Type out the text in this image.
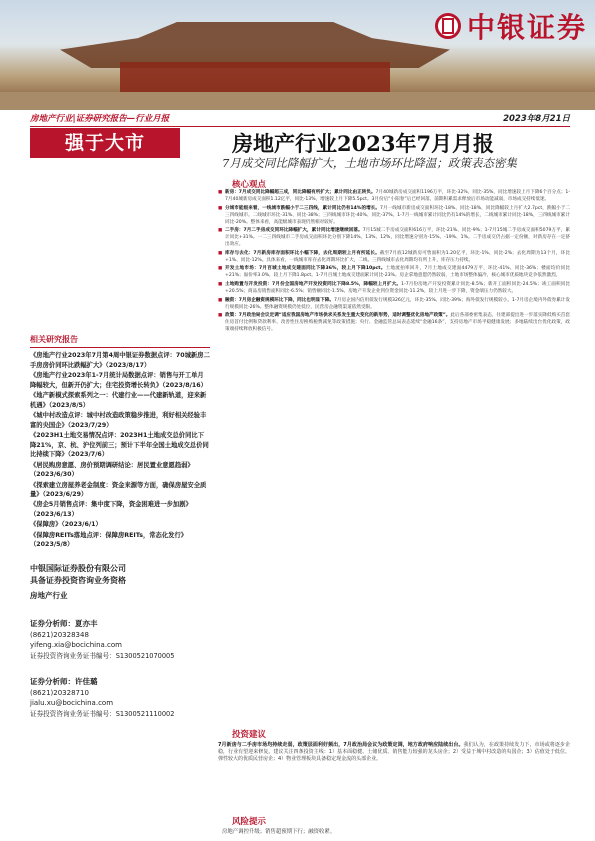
中银证券
房地产行业|证券研究报告—行业月报	2023年8月21日
强于大市	房地产行业2023年7月月报
7月成交同比降幅扩大，土地市场环比降温；政策表态密集
核心观点

■ 新房：7月成交同比降幅超三成，同比降幅有所扩大；累计同比由正转负。7月40城新房成交面积1196万平，环比-32%，同比-35%，同比增速较上月下降6个百分点；1-7月40城新房成交面积1.12亿平，同比-13%，增速较上月下降5.5pct。3月份后“小阳春”后已经回落，前期积累需求释放后市场动能减弱，市场成交持续低迷。

■ 分城市能级来看，一线城市跌幅小于二三四线，累计同比仍有14%的增长。7月一线城市新房成交面积环比-18%、同比-18%，同比降幅较上月扩大2.7pct，跌幅小于二三四线城市。二线城市环比-31%、同比-38%；三四线城市环比-40%、同比-37%。1-7月一线城市累计同比仍有14%的增长，二线城市累计同比-18%，三四线城市累计同比-20%。整体来看，高能级城市表现仍然相对较好。

■ 二手房：7月二手房成交同环比降幅扩大，累计同比增速继续回落。7月15城二手房成交面积616万平，环比-21%、同比-9%；1-7月15城二手房成交面积5079万平，累计同比+31%。一二三四线城市二手房成交面积环比分别下降14%、13%、12%，同比增速分别为-15%、-19%、1%。二手房成交仍占据一定份额，对新房存在一定挤出效应。

■ 库存与去化：7月新房库存面积环比小幅下降，去化周期较上月有所延长。截至7月底12城新房可售面积为1.20亿平，环比-1%、同比-2%；去化周期为13个月，环比+1%、同比-12%。具体来看，一线城市库存去化周期环比扩大，二线、三四线城市去化周期均有所上升，库存压力持续。

■ 开发土地市场：7月百城土地成交建面同比下降36%，较上月下降10pct。土地流拍率回升，7月土地成交建面4479万平，环比-41%、同比-36%；楼面均价同比+21%；溢价率3.0%，较上月下降1.8pct。1-7月百城土地成交建面累计同比-23%。房企拿地意愿仍然较弱，土地市场整体偏冷，核心城市优质地块竞争依然激烈。

■ 土地购置与开发投资：7月份全国房地产开发投资同比下降8.5%，降幅较上月扩大。1-7月份房地产开发投资累计同比-8.5%；新开工面积同比-24.5%；竣工面积同比+20.5%；商品房销售面积同比-6.5%；销售额同比-1.5%。房地产开发企业到位资金同比-11.2%，较上月进一步下降，资金端压力仍然较大。

■ 融资：7月房企融资规模环比下降，同比也明显下降。7月房企国内信用债发行规模326亿元，环比-35%、同比-39%；海外债发行规模较小。1-7月房企境内外债券累计发行规模同比-26%。整体融资规模仍处低位，民营房企融资渠道依然受限。

■ 政策：7月政治局会议定调“适应我国房地产市场供求关系发生重大变化的新形势，适时调整优化房地产政策”。此后各部委密集表态，住建部提出进一步落实降低购买首套住房首付比例和贷款利率、改善性住房换购税费减免等政策措施；央行、金融监管总局表态延续“金融16条”，支持房地产市场平稳健康发展；多地陆续出台优化政策，政策端持续释放积极信号。

相关研究报告
《房地产行业2023年7月第4周中银证券数据点评：70城新房二手房房价同环比跌幅扩大》（2023/8/17）
《房地产行业2023年1-7月统计局数据点评：销售与开工单月降幅较大，但新开仍扩大；住宅投资增长转负》（2023/8/16）
《地产新模式探索系列之一：代建行业——代建新轨道，迎来新机遇》（2023/8/5）
《城中村改造点评：城中村改造政策稳步推进，利好相关经验丰富的央国企》（2023/7/29）
《2023H1土地交易情况点评：2023H1土地成交总价同比下降21%，京、杭、沪位列前三；预计下半年全国土地成交总价同比持续下降》（2023/7/6）
《居民购房意愿、房价预期调研结论：居民置业意愿趋弱》（2023/6/30）
《探索建立房屋养老金制度：资金来源等方面，确保房屋安全质量》（2023/6/29）
《房企5月销售点评：集中度下降，资金困难进一步加剧》（2023/6/13）
《保障房》（2023/6/1）
《保障房REITs落地点评：保障房REITs，常态化发行》（2023/5/8）
中银国际证券股份有限公司
具备证券投资咨询业务资格
房地产行业
证券分析师：夏亦丰
(8621)20328348
yifeng.xia@bocichina.com
证券投资咨询业务证书编号：S1300521070005
证券分析师：许佳璐
(8621)20328710
jialu.xu@bocichina.com
证券投资咨询业务证书编号：S1300521110002
投资建议
7月新房与二手房市场均持续走弱，政策层面利好频出，7月政治局会议为政策定调，地方政府响应陆续出台。我们认为，在政策持续发力下，市场或将逐步企稳，行业有望迎来修复。建议关注四条投资主线：1）基本面稳健、土储优质、销售能力较强的龙头房企；2）受益于城中村改造的央国企；3）估值处于低位、弹性较大的优质民营房企；4）物业管理板块具备稳定现金流的头部企业。
风险提示
房地产调控升级；销售超预期下行；融资收紧。
